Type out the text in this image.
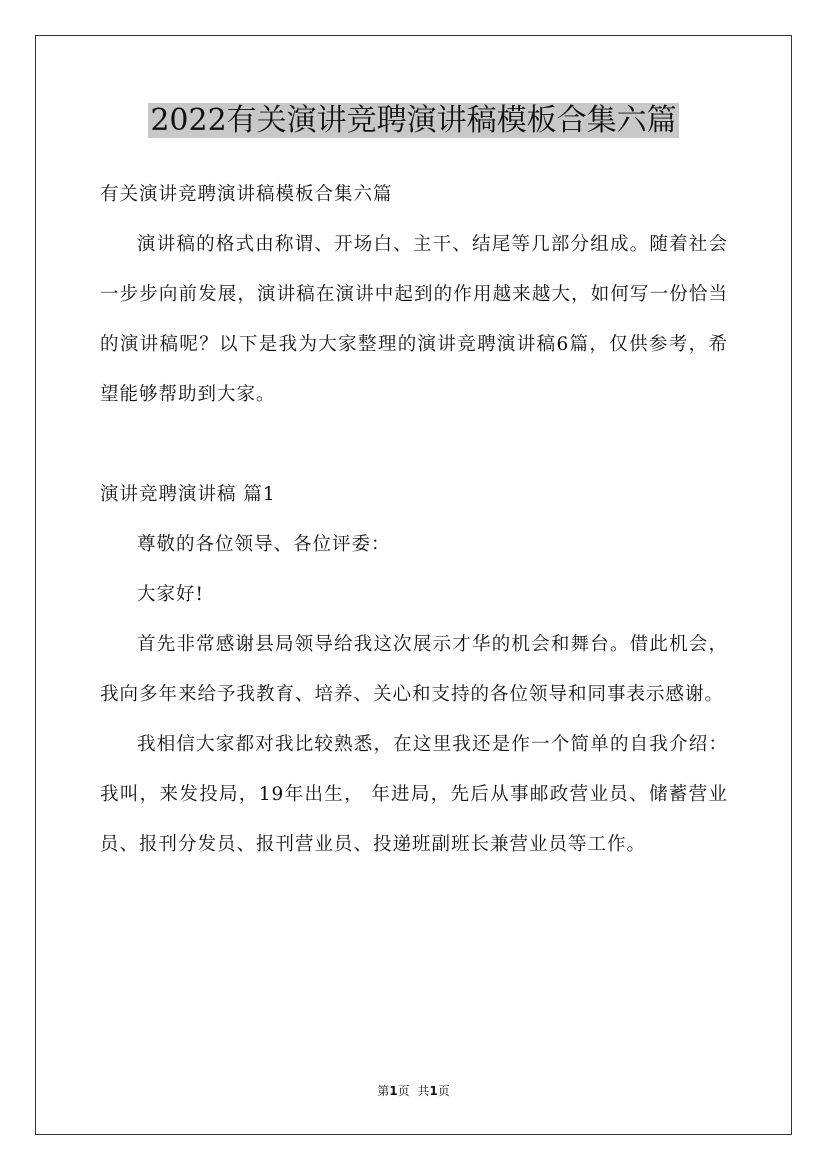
2022有关演讲竞聘演讲稿模板合集六篇

有关演讲竞聘演讲稿模板合集六篇

演讲稿的格式由称谓、开场白、主干、结尾等几部分组成。随着社会一步步向前发展，演讲稿在演讲中起到的作用越来越大，如何写一份恰当的演讲稿呢？以下是我为大家整理的演讲竞聘演讲稿6篇，仅供参考，希望能够帮助到大家。

演讲竞聘演讲稿 篇1

尊敬的各位领导、各位评委：

大家好!

首先非常感谢县局领导给我这次展示才华的机会和舞台。借此机会，我向多年来给予我教育、培养、关心和支持的各位领导和同事表示感谢。

我相信大家都对我比较熟悉，在这里我还是作一个简单的自我介绍：我叫，来发投局，19年出生， 年进局，先后从事邮政营业员、储蓄营业员、报刊分发员、报刊营业员、投递班副班长兼营业员等工作。

第1页 共1页
